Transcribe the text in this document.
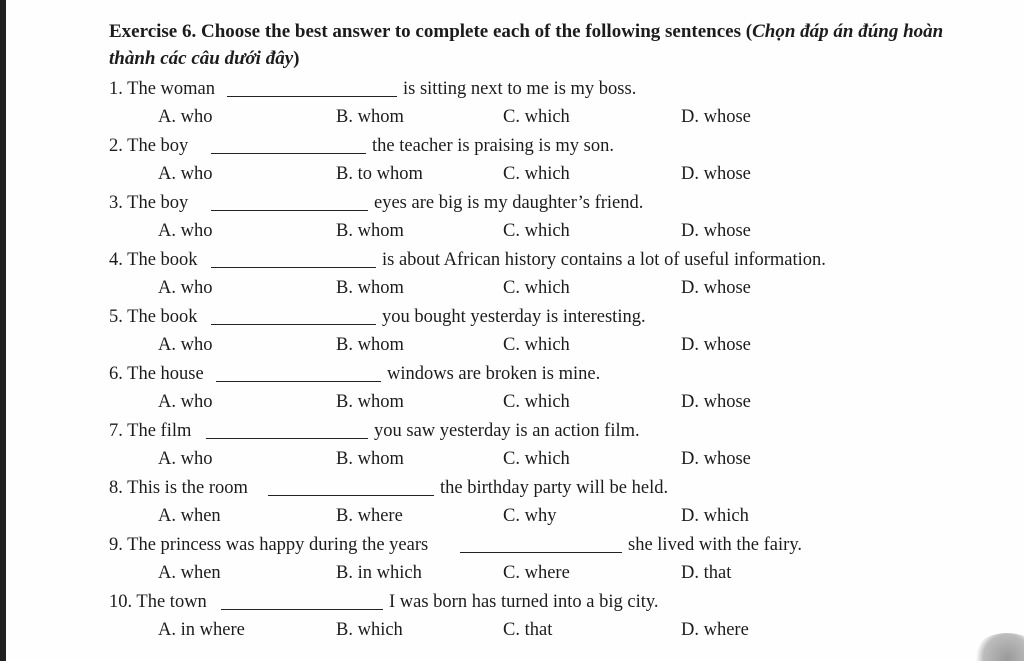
Exercise 6. Choose the best answer to complete each of the following sentences (Chọn đáp án đúng hoàn thành các câu dưới đây)
1. The woman	is sitting next to me is my boss.
A. who	B. whom	C. which	D. whose
2. The boy	the teacher is praising is my son.
A. who	B. to whom	C. which	D. whose
3. The boy	eyes are big is my daughter’s friend.
A. who	B. whom	C. which	D. whose
4. The book	is about African history contains a lot of useful information.
A. who	B. whom	C. which	D. whose
5. The book	you bought yesterday is interesting.
A. who	B. whom	C. which	D. whose
6. The house	windows are broken is mine.
A. who	B. whom	C. which	D. whose
7. The film	you saw yesterday is an action film.
A. who	B. whom	C. which	D. whose
8. This is the room	the birthday party will be held.
A. when	B. where	C. why	D. which
9. The princess was happy during the years	she lived with the fairy.
A. when	B. in which	C. where	D. that
10. The town	I was born has turned into a big city.
A. in where	B. which	C. that	D. where
